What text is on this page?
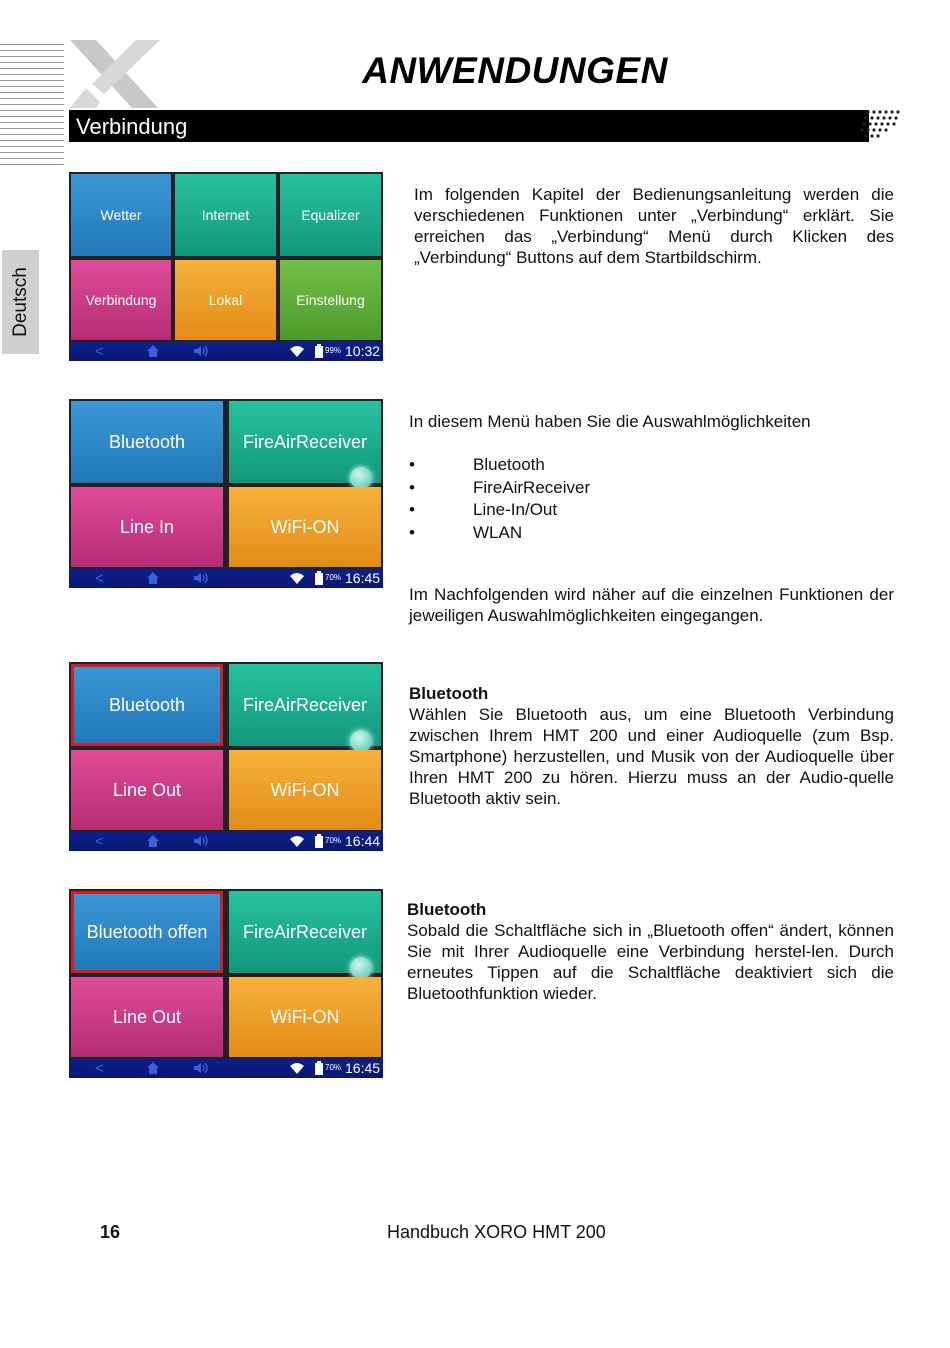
ANWENDUNGEN
Verbindung
Deutsch
Wetter	Internet	Equalizer
Verbindung	Lokal	Einstellung
<	99% 10:32
Bluetooth	FireAirReceiver
Line In	WiFi-ON
<	70% 16:45
Bluetooth	FireAirReceiver
Line Out	WiFi-ON
<	70% 16:44
Bluetooth offen FireAirReceiver
Line Out	WiFi-ON
<	70% 16:45
Im folgenden Kapitel der Bedienungsanleitung werden die verschiedenen Funktionen unter „Verbindung“ erklärt. Sie erreichen das „Verbindung“ Menü durch Klicken des „Verbindung“ Buttons auf dem Startbildschirm.
In diesem Menü haben Sie die Auswahlmöglichkeiten
•	Bluetooth
•	FireAirReceiver
•	Line-In/Out
•	WLAN
Im Nachfolgenden wird näher auf die einzelnen Funktionen der jeweiligen Auswahlmöglichkeiten eingegangen.
Bluetooth
Wählen Sie Bluetooth aus, um eine Bluetooth Verbindung zwischen Ihrem HMT 200 und einer Audioquelle (zum Bsp. Smartphone) herzustellen, und Musik von der Audioquelle über Ihren HMT 200 zu hören. Hierzu muss an der Audio-quelle Bluetooth aktiv sein.
Bluetooth
Sobald die Schaltfläche sich in „Bluetooth offen“ ändert, können Sie mit Ihrer Audioquelle eine Verbindung herstel-len. Durch erneutes Tippen auf die Schaltfläche deaktiviert sich die Bluetoothfunktion wieder.
16	Handbuch XORO HMT 200
